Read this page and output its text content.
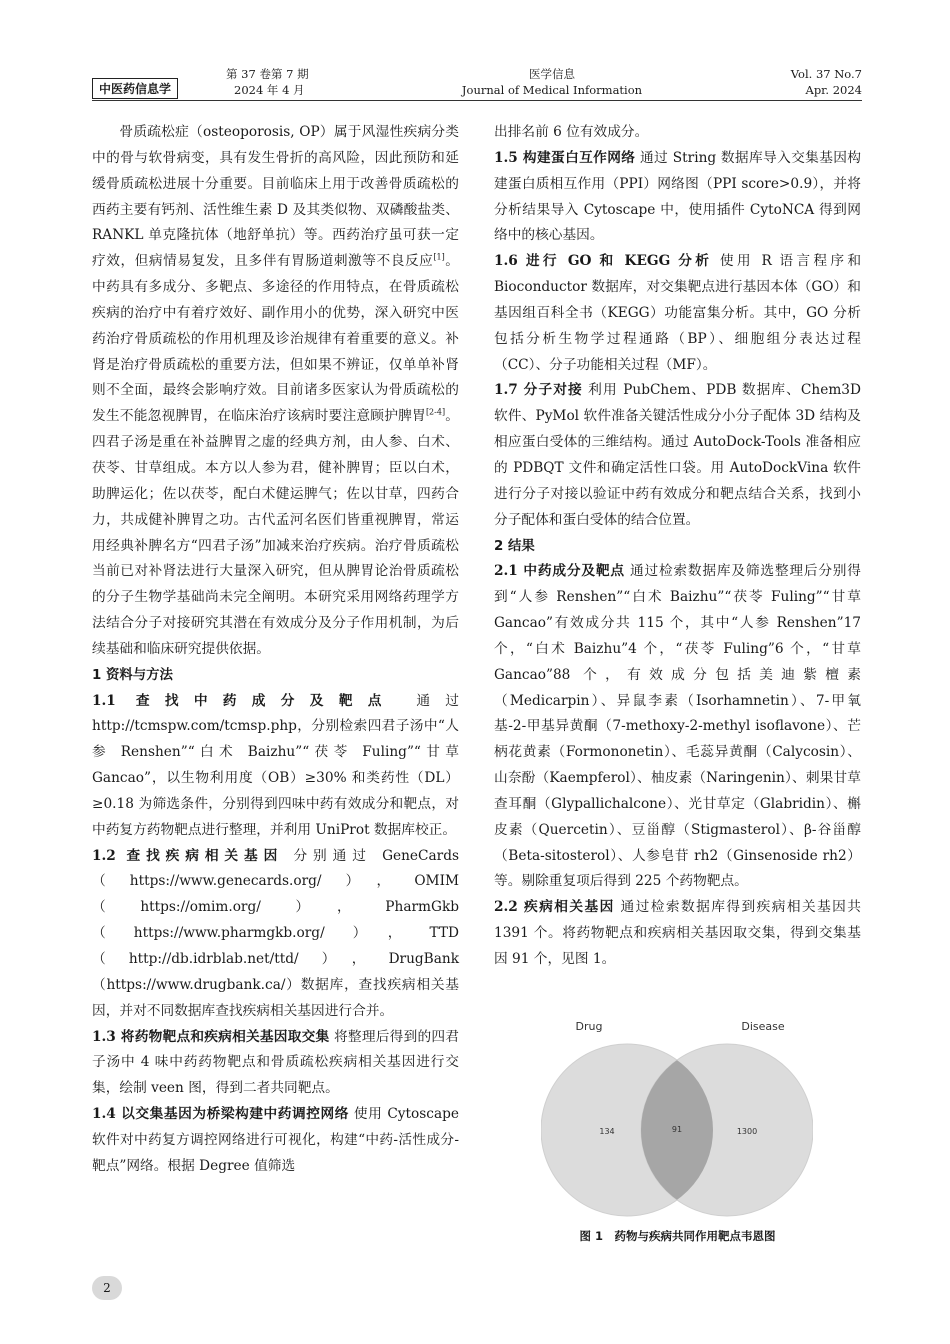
中医药信息学
第 37 卷第 7 期
2024 年 4 月
医学信息
Journal of Medical Information
Vol. 37 No.7
Apr. 2024

骨质疏松症（osteoporosis, OP）属于风湿性疾病分类中的骨与软骨病变，具有发生骨折的高风险，因此预防和延缓骨质疏松进展十分重要。目前临床上用于改善骨质疏松的西药主要有钙剂、活性维生素 D 及其类似物、双磷酸盐类、RANKL 单克隆抗体（地舒单抗）等。西药治疗虽可获一定疗效，但病情易复发，且多伴有胃肠道刺激等不良反应[1]。中药具有多成分、多靶点、多途径的作用特点，在骨质疏松疾病的治疗中有着疗效好、副作用小的优势，深入研究中医药治疗骨质疏松的作用机理及诊治规律有着重要的意义。补肾是治疗骨质疏松的重要方法，但如果不辨证，仅单单补肾则不全面，最终会影响疗效。目前诸多医家认为骨质疏松的发生不能忽视脾胃，在临床治疗该病时要注意顾护脾胃[2-4]。四君子汤是重在补益脾胃之虚的经典方剂，由人参、白术、茯苓、甘草组成。本方以人参为君，健补脾胃；臣以白术，助脾运化；佐以茯苓，配白术健运脾气；佐以甘草，四药合力，共成健补脾胃之功。古代孟河名医们皆重视脾胃，常运用经典补脾名方“四君子汤”加减来治疗疾病。治疗骨质疏松当前已对补肾法进行大量深入研究，但从脾胃论治骨质疏松的分子生物学基础尚未完全阐明。本研究采用网络药理学方法结合分子对接研究其潜在有效成分及分子作用机制，为后续基础和临床研究提供依据。

1 资料与方法

1.1 查找中药成分及靶点 通过 http://tcmspw.com/tcmsp.php，分别检索四君子汤中“人参 Renshen”“白术 Baizhu”“茯苓 Fuling”“甘草 Gancao”，以生物利用度（OB）≥30% 和类药性（DL）≥0.18 为筛选条件，分别得到四味中药有效成分和靶点，对中药复方药物靶点进行整理，并利用 UniProt 数据库校正。

1.2 查找疾病相关基因 分别通过 GeneCards（https://www.genecards.org/），OMIM（https://omim.org/），PharmGkb（https://www.pharmgkb.org/），TTD（http://db.idrblab.net/ttd/），DrugBank（https://www.drugbank.ca/）数据库，查找疾病相关基因，并对不同数据库查找疾病相关基因进行合并。

1.3 将药物靶点和疾病相关基因取交集 将整理后得到的四君子汤中 4 味中药药物靶点和骨质疏松疾病相关基因进行交集，绘制 veen 图，得到二者共同靶点。

1.4 以交集基因为桥梁构建中药调控网络 使用 Cytoscape 软件对中药复方调控网络进行可视化，构建“中药-活性成分-靶点”网络。根据 Degree 值筛选

出排名前 6 位有效成分。

1.5 构建蛋白互作网络 通过 String 数据库导入交集基因构建蛋白质相互作用（PPI）网络图（PPI score>0.9），并将分析结果导入 Cytoscape 中，使用插件 CytoNCA 得到网络中的核心基因。

1.6 进行 GO 和 KEGG 分析 使用 R 语言程序和 Bioconductor 数据库，对交集靶点进行基因本体（GO）和基因组百科全书（KEGG）功能富集分析。其中，GO 分析包括分析生物学过程通路（BP）、细胞组分表达过程（CC）、分子功能相关过程（MF）。

1.7 分子对接 利用 PubChem、PDB 数据库、Chem3D 软件、PyMol 软件准备关键活性成分小分子配体 3D 结构及相应蛋白受体的三维结构。通过 AutoDock-Tools 准备相应的 PDBQT 文件和确定活性口袋。用 AutoDockVina 软件进行分子对接以验证中药有效成分和靶点结合关系，找到小分子配体和蛋白受体的结合位置。

2 结果

2.1 中药成分及靶点 通过检索数据库及筛选整理后分别得到“人参 Renshen”“白术 Baizhu”“茯苓 Fuling”“甘草 Gancao”有效成分共 115 个，其中“人参 Renshen”17 个，“白术 Baizhu”4 个，“茯苓 Fuling”6 个，“甘草 Gancao”88 个，有效成分包括美迪紫檀素（Medicarpin）、异鼠李素（Isorhamnetin）、7-甲氧基-2-甲基异黄酮（7-methoxy-2-methyl isoflavone）、芒柄花黄素（Formononetin）、毛蕊异黄酮（Calycosin）、山奈酚（Kaempferol）、柚皮素（Naringenin）、刺果甘草查耳酮（Glypallichalcone）、光甘草定（Glabridin）、槲皮素（Quercetin）、豆甾醇（Stigmasterol）、β-谷甾醇（Beta-sitosterol）、人参皂苷 rh2（Ginsenoside rh2）等。剔除重复项后得到 225 个药物靶点。

2.2 疾病相关基因 通过检索数据库得到疾病相关基因共 1391 个。将药物靶点和疾病相关基因取交集，得到交集基因 91 个，见图 1。

Drug	Disease
134	91	1300
图 1　药物与疾病共同作用靶点韦恩图
2
